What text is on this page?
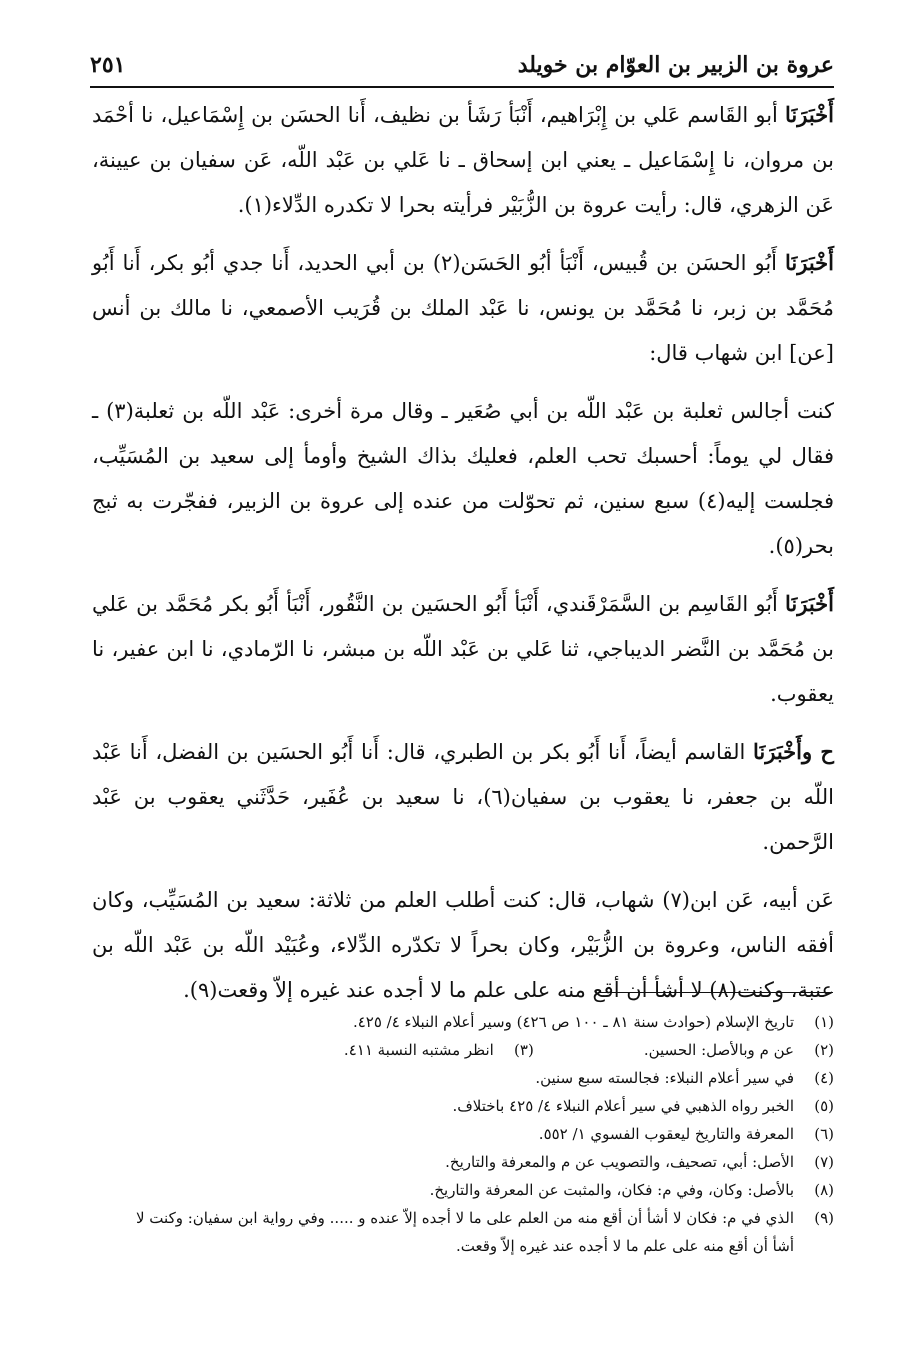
عروة بن الزبير بن العوّام بن خويلد
٢٥١

أَخْبَرَنَا أبو القَاسم عَلي بن إِبْرَاهيم، أَنْبَأ رَشَأ بن نظيف، أَنا الحسَن بن إِسْمَاعيل، نا أحْمَد بن مروان، نا إِسْمَاعيل ـ يعني ابن إسحاق ـ نا عَلي بن عَبْد اللّه، عَن سفيان بن عيينة، عَن الزهري، قال: رأيت عروة بن الزُّبَيْر فرأيته بحرا لا تكدره الدِّلاء(١).

أَخْبَرَنَا أَبُو الحسَن بن قُبيس، أَنْبَأ أبُو الحَسَن(٢) بن أبي الحديد، أَنا جدي أبُو بكر، أَنا أَبُو مُحَمَّد بن زبر، نا مُحَمَّد بن يونس، نا عَبْد الملك بن قُرَيب الأصمعي، نا مالك بن أنس [عن] ابن شهاب قال:

كنت أجالس ثعلبة بن عَبْد اللّه بن أبي صُعَير ـ وقال مرة أخرى: عَبْد اللّه بن ثعلبة(٣) ـ فقال لي يوماً: أحسبك تحب العلم، فعليك بذاك الشيخ وأومأ إلى سعيد بن المُسَيِّب، فجلست إليه(٤) سبع سنين، ثم تحوّلت من عنده إلى عروة بن الزبير، ففجّرت به ثبج بحر(٥).

أَخْبَرَنَا أَبُو القَاسِم بن السَّمَرْقَندي، أَنْبَأ أَبُو الحسَين بن النَّقُور، أَنْبَأ أَبُو بكر مُحَمَّد بن عَلي بن مُحَمَّد بن النَّضر الديباجي، ثنا عَلي بن عَبْد اللّه بن مبشر، نا الرّمادي، نا ابن عفير، نا يعقوب.

ح وأَخْبَرَنَا القاسم أيضاً، أَنا أَبُو بكر بن الطبري، قال: أَنا أَبُو الحسَين بن الفضل، أَنا عَبْد اللّه بن جعفر، نا يعقوب بن سفيان(٦)، نا سعيد بن عُفَير، حَدَّثَني يعقوب بن عَبْد الرَّحمن.

عَن أبيه، عَن ابن(٧) شهاب، قال: كنت أطلب العلم من ثلاثة: سعيد بن المُسَيِّب، وكان أفقه الناس، وعروة بن الزُّبَيْر، وكان بحراً لا تكدّره الدِّلاء، وعُبَيْد اللّه بن عَبْد اللّه بن عتبة، وكنت(٨) لا أشأ أن أقع منه على علم ما لا أجده عند غيره إلاّ وقعت(٩).

(١)
تاريخ الإسلام (حوادث سنة ٨١ ـ ١٠٠ ص ٤٢٦) وسير أعلام النبلاء ٤/ ٤٢٥.
(٢)
عن م وبالأصل: الحسين.
(٣)
انظر مشتبه النسبة ٤١١.
(٤)
في سير أعلام النبلاء: فجالسته سبع سنين.
(٥)
الخبر رواه الذهبي في سير أعلام النبلاء ٤/ ٤٢٥ باختلاف.
(٦)
المعرفة والتاريخ ليعقوب الفسوي ١/ ٥٥٢.
(٧)
الأصل: أبي، تصحيف، والتصويب عن م والمعرفة والتاريخ.
(٨)
بالأصل: وكان، وفي م: فكان، والمثبت عن المعرفة والتاريخ.
(٩)
الذي في م: فكان لا أشأ أن أقع منه من العلم على ما لا أجده إلاّ عنده و ..... وفي رواية ابن سفيان: وكنت لا أشأ أن أقع منه على علم ما لا أجده عند غيره إلاّ وقعت.
